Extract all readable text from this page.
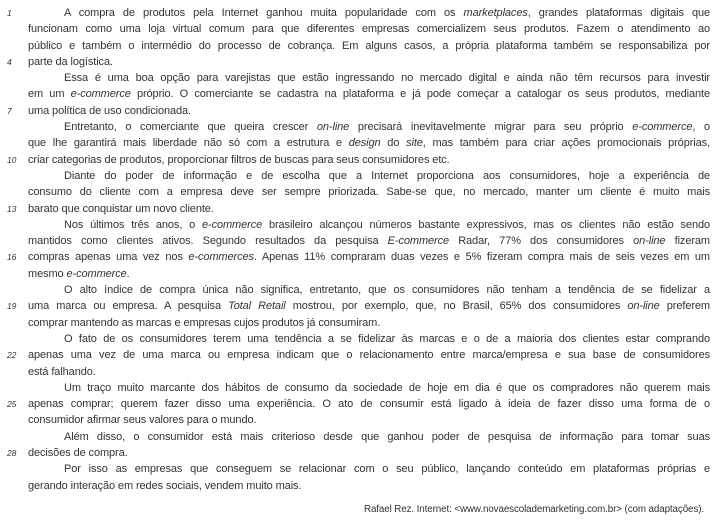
1	A compra de produtos pela Internet ganhou muita popularidade com os marketplaces, grandes plataformas digitais que
funcionam como uma loja virtual comum para que diferentes empresas comercializem seus produtos. Fazem o atendimento ao
público e também o intermédio do processo de cobrança. Em alguns casos, a própria plataforma também se responsabiliza por
4	parte da logística.
Essa é uma boa opção para varejistas que estão ingressando no mercado digital e ainda não têm recursos para investir
em um e-commerce próprio. O comerciante se cadastra na plataforma e já pode começar a catalogar os seus produtos, mediante
7	uma política de uso condicionada.
Entretanto, o comerciante que queira crescer on-line precisará inevitavelmente migrar para seu próprio e-commerce, o
que lhe garantirá mais liberdade não só com a estrutura e design do site, mas também para criar ações promocionais próprias,
10	criar categorias de produtos, proporcionar filtros de buscas para seus consumidores etc.
Diante do poder de informação e de escolha que a Internet proporciona aos consumidores, hoje a experiência de
consumo do cliente com a empresa deve ser sempre priorizada. Sabe-se que, no mercado, manter um cliente é muito mais
13	barato que conquistar um novo cliente.
Nos últimos três anos, o e-commerce brasileiro alcançou números bastante expressivos, mas os clientes não estão sendo
mantidos como clientes ativos. Segundo resultados da pesquisa E-commerce Radar, 77% dos consumidores on-line fizeram
16	compras apenas uma vez nos e-commerces. Apenas 11% compraram duas vezes e 5% fizeram compra mais de seis vezes em um
mesmo e-commerce.
O alto índice de compra única não significa, entretanto, que os consumidores não tenham a tendência de se fidelizar a
19	uma marca ou empresa. A pesquisa Total Retail mostrou, por exemplo, que, no Brasil, 65% dos consumidores on-line preferem
comprar mantendo as marcas e empresas cujos produtos já consumiram.
O fato de os consumidores terem uma tendência a se fidelizar às marcas e o de a maioria dos clientes estar comprando
22	apenas uma vez de uma marca ou empresa indicam que o relacionamento entre marca/empresa e sua base de consumidores
está falhando.
Um traço muito marcante dos hábitos de consumo da sociedade de hoje em dia é que os compradores não querem mais
25	apenas comprar; querem fazer disso uma experiência. O ato de consumir está ligado à ideia de fazer disso uma forma de o
consumidor afirmar seus valores para o mundo.
Além disso, o consumidor está mais criterioso desde que ganhou poder de pesquisa de informação para tomar suas
28	decisões de compra.
Por isso as empresas que conseguem se relacionar com o seu público, lançando conteúdo em plataformas próprias e
gerando interação em redes sociais, vendem muito mais.
Rafael Rez. Internet: <www.novaescolademarketing.com.br> (com adaptações).
